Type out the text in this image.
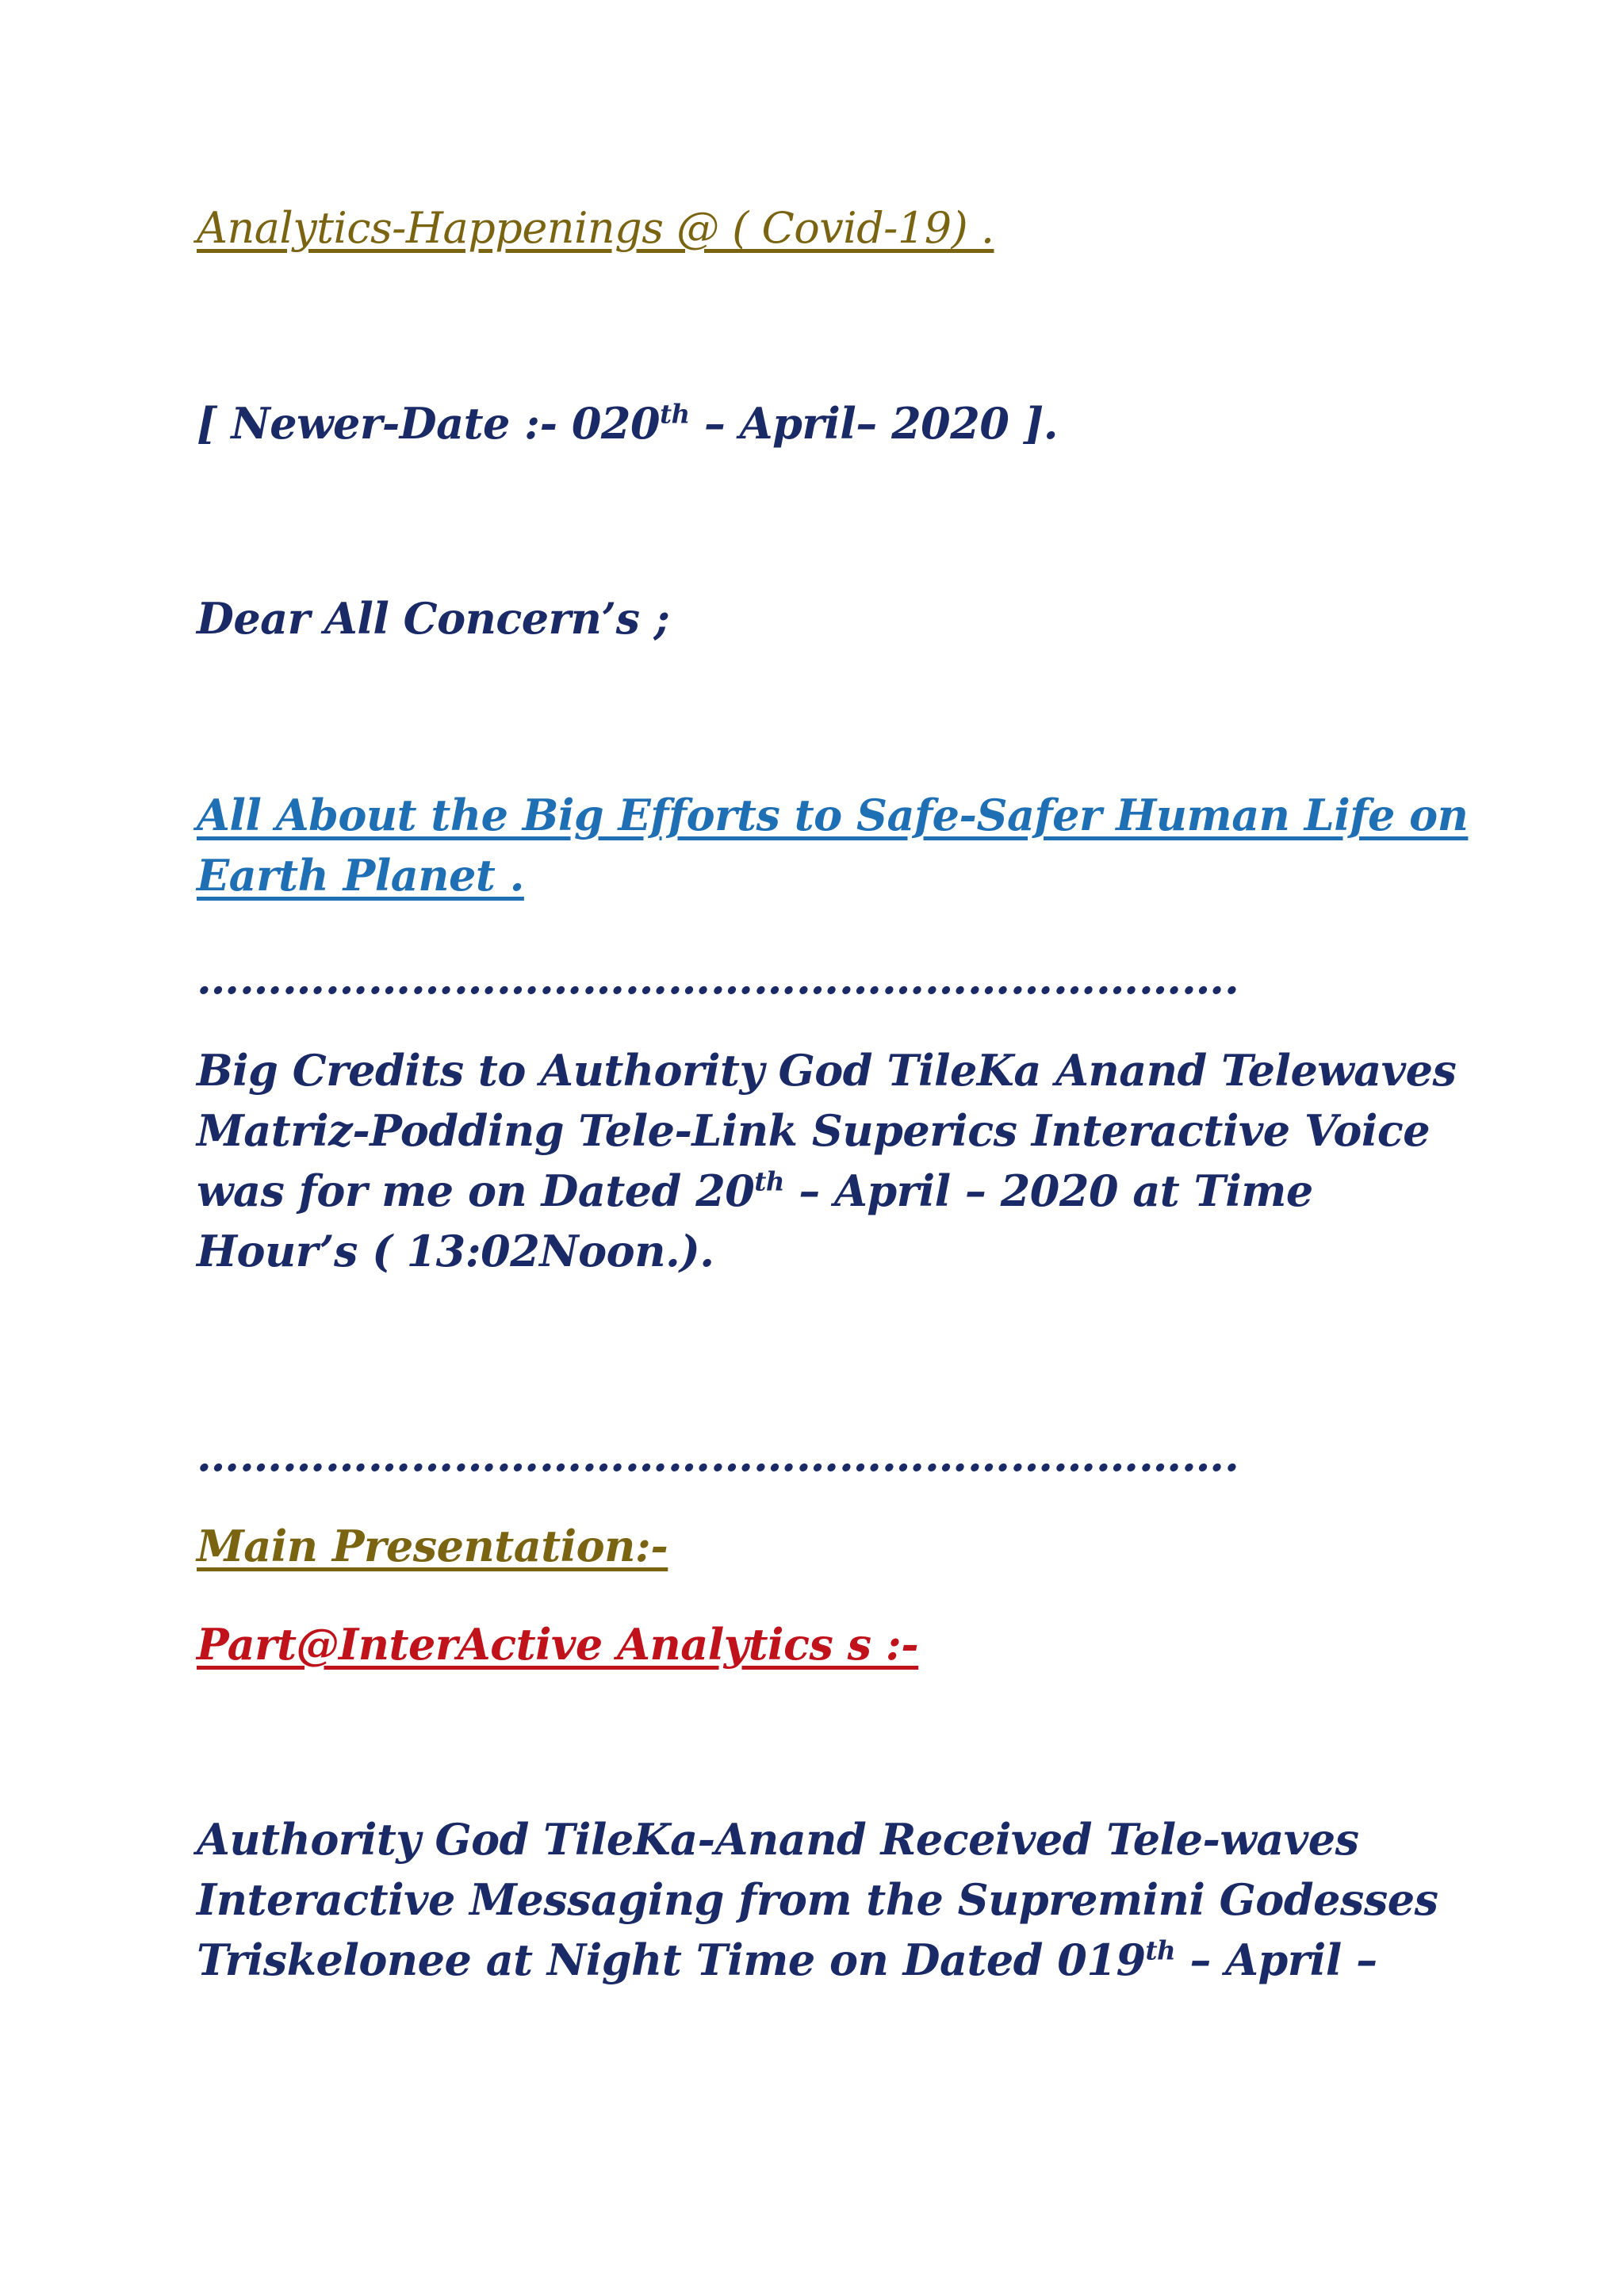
Analytics-Happenings @ ( Covid-19) .

[ Newer-Date :- 020th – April– 2020 ].

Dear All Concern’s ;

All About the Big Efforts to Safe-Safer Human Life on

Earth Planet .

……………………………………………………………….

Big Credits to Authority God TileKa Anand Telewaves

Matriz-Podding Tele-Link Superics Interactive Voice

was for me on Dated 20th – April – 2020 at Time

Hour’s ( 13:02Noon.).

……………………………………………………………….

Main Presentation:-

Part@InterActive Analytics s :-

Authority God TileKa-Anand Received Tele-waves

Interactive Messaging from the Supremini Godesses

Triskelonee at Night Time on Dated 019th – April –
